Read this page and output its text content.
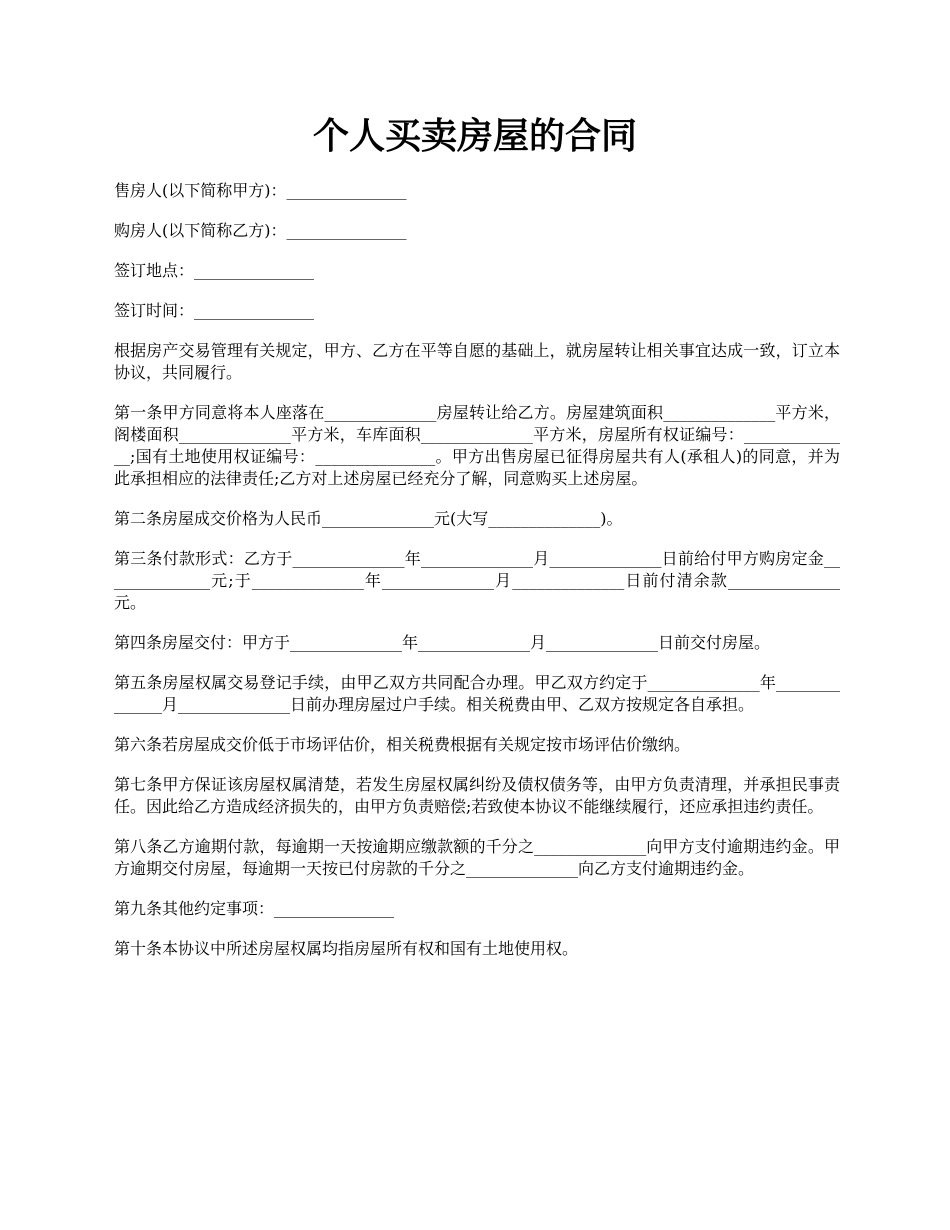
个人买卖房屋的合同

售房人(以下简称甲方)：_______________

购房人(以下简称乙方)：_______________

签订地点：_______________

签订时间：_______________

根据房产交易管理有关规定，甲方、乙方在平等自愿的基础上，就房屋转让相关事宜达成一致，订立本协议，共同履行。

第一条甲方同意将本人座落在______________房屋转让给乙方。房屋建筑面积______________平方米，阁楼面积______________平方米，车库面积______________平方米，房屋所有权证编号：______________;国有土地使用权证编号：_______________。甲方出售房屋已征得房屋共有人(承租人)的同意，并为此承担相应的法律责任;乙方对上述房屋已经充分了解，同意购买上述房屋。

第二条房屋成交价格为人民币______________元(大写______________)。

第三条付款形式：乙方于______________年______________月______________日前给付甲方购房定金______________元;于______________年______________月______________日前付清余款______________元。

第四条房屋交付：甲方于______________年______________月______________日前交付房屋。

第五条房屋权属交易登记手续，由甲乙双方共同配合办理。甲乙双方约定于______________年______________月______________日前办理房屋过户手续。相关税费由甲、乙双方按规定各自承担。

第六条若房屋成交价低于市场评估价，相关税费根据有关规定按市场评估价缴纳。

第七条甲方保证该房屋权属清楚，若发生房屋权属纠纷及债权债务等，由甲方负责清理，并承担民事责任。因此给乙方造成经济损失的，由甲方负责赔偿;若致使本协议不能继续履行，还应承担违约责任。

第八条乙方逾期付款，每逾期一天按逾期应缴款额的千分之______________向甲方支付逾期违约金。甲方逾期交付房屋，每逾期一天按已付房款的千分之______________向乙方支付逾期违约金。

第九条其他约定事项：_______________

第十条本协议中所述房屋权属均指房屋所有权和国有土地使用权。
